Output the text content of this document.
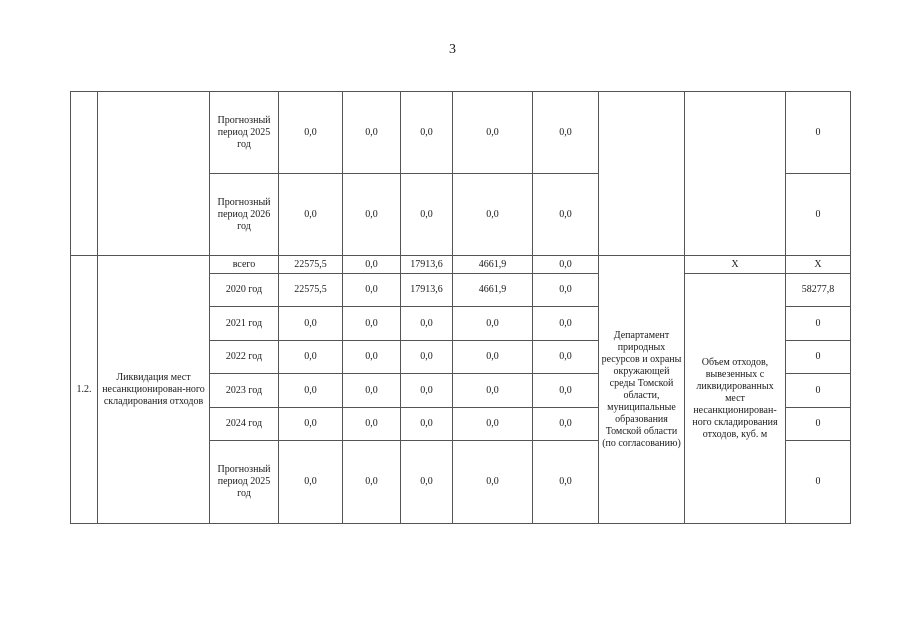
3
		Прогнозный период 2025 год	0,0	0,0	0,0	0,0	0,0			0
		Прогнозный период 2026 год	0,0	0,0	0,0	0,0	0,0			0
1.2.	Ликвидация мест несанкционирован-ного складирования отходов	всего	22575,5	0,0	17913,6	4661,9	0,0	Департамент природных ресурсов и охраны окружающей среды Томской области, муниципальные образования Томской области (по согласованию)	Х	Х
		2020 год	22575,5	0,0	17913,6	4661,9	0,0		Объем отходов, вывезенных с ликвидированных мест несанкционирован-ного складирования отходов, куб. м	58277,8
		2021 год	0,0	0,0	0,0	0,0	0,0			0
		2022 год	0,0	0,0	0,0	0,0	0,0			0
		2023 год	0,0	0,0	0,0	0,0	0,0			0
		2024 год	0,0	0,0	0,0	0,0	0,0			0
		Прогнозный период 2025 год	0,0	0,0	0,0	0,0	0,0			0
